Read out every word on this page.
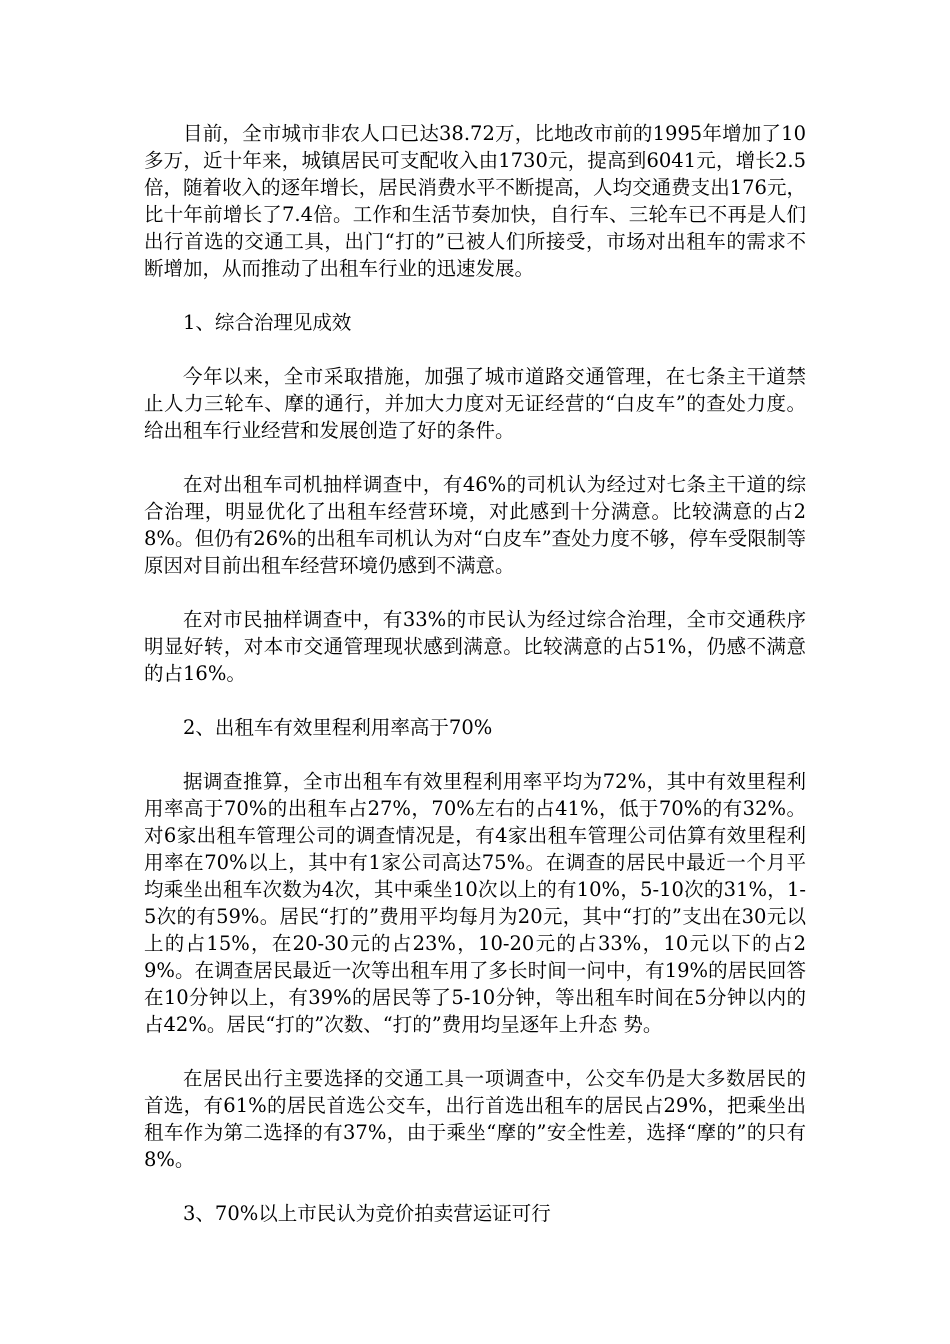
目前，全市城市非农人口已达38.72万，比地改市前的1995年增加了10多万，近十年来，城镇居民可支配收入由1730元，提高到6041元，增长2.5倍，随着收入的逐年增长，居民消费水平不断提高，人均交通费支出176元，比十年前增长了7.4倍。工作和生活节奏加快，自行车、三轮车已不再是人们出行首选的交通工具，出门“打的”已被人们所接受，市场对出租车的需求不断增加，从而推动了出租车行业的迅速发展。

1、综合治理见成效

今年以来，全市采取措施，加强了城市道路交通管理，在七条主干道禁止人力三轮车、摩的通行，并加大力度对无证经营的“白皮车”的查处力度。给出租车行业经营和发展创造了好的条件。

在对出租车司机抽样调查中，有46%的司机认为经过对七条主干道的综合治理，明显优化了出租车经营环境，对此感到十分满意。比较满意的占28%。但仍有26%的出租车司机认为对“白皮车”查处力度不够，停车受限制等原因对目前出租车经营环境仍感到不满意。

在对市民抽样调查中，有33%的市民认为经过综合治理，全市交通秩序明显好转，对本市交通管理现状感到满意。比较满意的占51%，仍感不满意的占16%。

2、出租车有效里程利用率高于70%

据调查推算，全市出租车有效里程利用率平均为72%，其中有效里程利用率高于70%的出租车占27%，70%左右的占41%，低于70%的有32%。对6家出租车管理公司的调查情况是，有4家出租车管理公司估算有效里程利用率在70%以上，其中有1家公司高达75%。在调查的居民中最近一个月平均乘坐出租车次数为4次，其中乘坐10次以上的有10%，5-10次的31%，1-5次的有59%。居民“打的”费用平均每月为20元，其中“打的”支出在30元以上的占15%，在20-30元的占23%，10-20元的占33%，10元以下的占29%。在调查居民最近一次等出租车用了多长时间一问中，有19%的居民回答在10分钟以上，有39%的居民等了5-10分钟，等出租车时间在5分钟以内的占42%。居民“打的”次数、“打的”费用均呈逐年上升态 势。

在居民出行主要选择的交通工具一项调查中，公交车仍是大多数居民的首选，有61%的居民首选公交车，出行首选出租车的居民占29%，把乘坐出租车作为第二选择的有37%，由于乘坐“摩的”安全性差，选择“摩的”的只有8%。

3、70%以上市民认为竞价拍卖营运证可行
